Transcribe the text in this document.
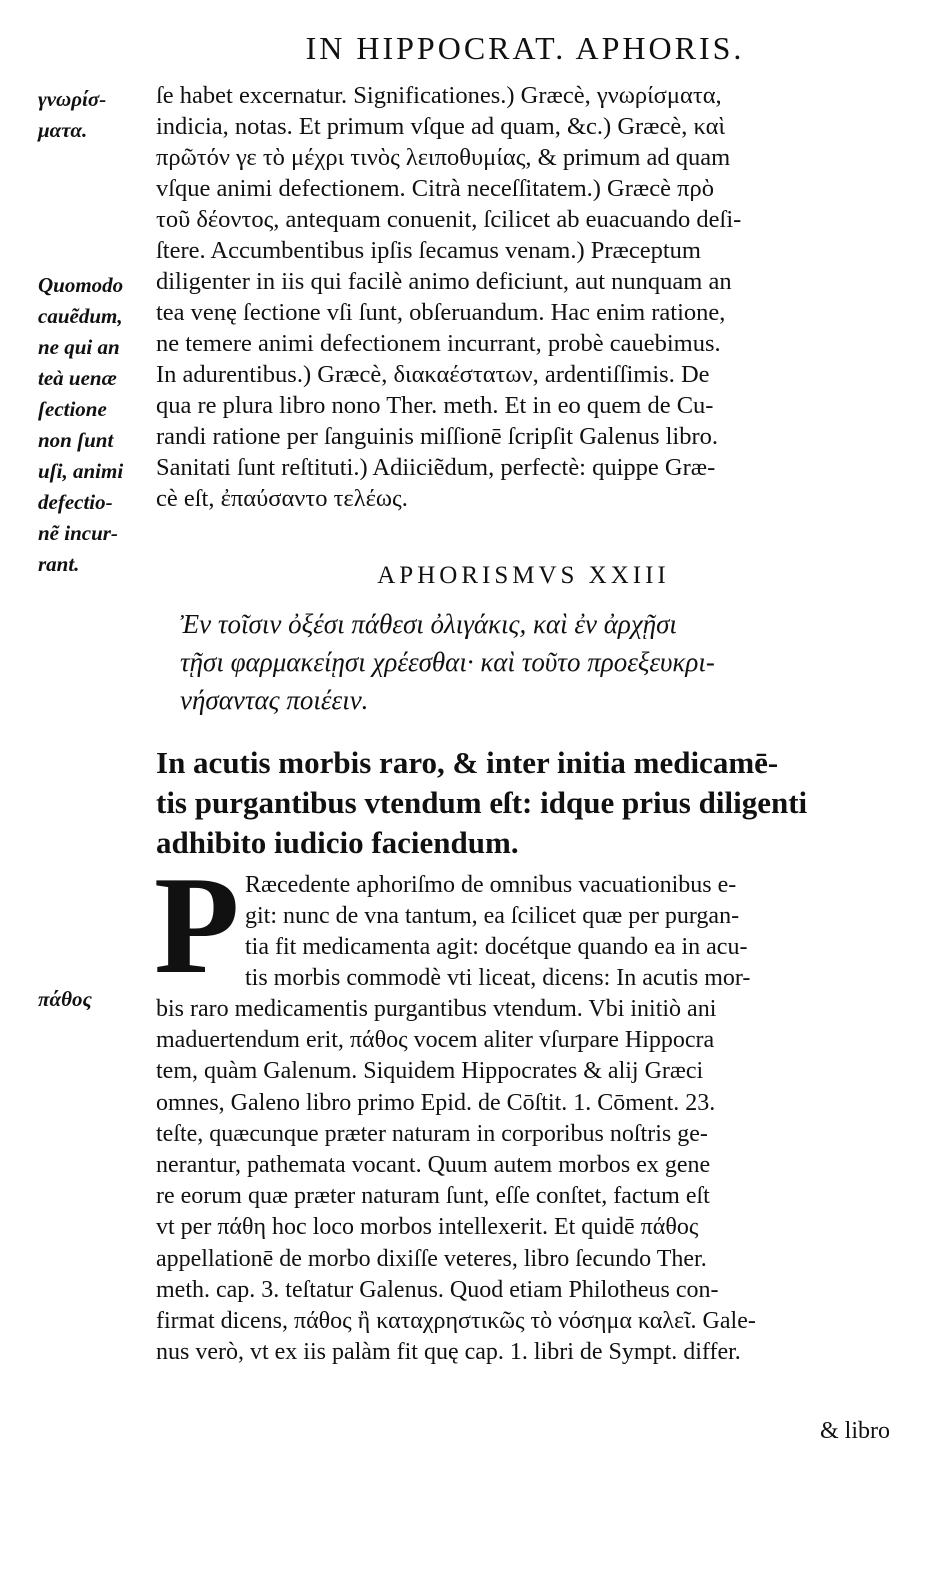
IN HIPPOCRAT. APHORIS.
γνωρίσ-
ματα.
Quomodo
cauẽdum,
ne qui an
teà uenæ
ſectione
non ſunt
uſi, animi
defectio-
nẽ incur-
rant.
πάθος

ſe habet excernatur. Significationes.) Græcè, γνωρίσματα,

indicia, notas. Et primum vſque ad quam, &c.) Græcè, καὶ

πρῶτόν γε τὸ μέχρι τινὸς λειποθυμίας, & primum ad quam

vſque animi defectionem. Citrà neceſſitatem.) Græcè πρὸ

τοῦ δέοντος, antequam conuenit, ſcilicet ab euacuando deſi-

ſtere. Accumbentibus ipſis ſecamus venam.) Præceptum

diligenter in iis qui facilè animo deficiunt, aut nunquam an

tea venę ſectione vſi ſunt, obſeruandum. Hac enim ratione,

ne temere animi defectionem incurrant, probè cauebimus.

In adurentibus.) Græcè, διακαέστατων, ardentiſſimis. De

qua re plura libro nono Ther. meth. Et in eo quem de Cu-

randi ratione per ſanguinis miſſionē ſcripſit Galenus libro.

Sanitati ſunt reſtituti.) Adiiciẽdum, perfectè: quippe Græ-

cè eſt, ἐπαύσαντο τελέως.

APHORISMVS XXIII
Ἐν τοῖσιν ὀξέσι πάθεσι ὀλιγάκις, καὶ ἐν ἀρχῇσι
τῇσι φαρμακείῃσι χρέεσθαι· καὶ τοῦτο προεξευκρι-
νήσαντας ποιέειν.
In acutis morbis raro, & inter initia medicamē-
tis purgantibus vtendum eſt: idque prius diligenti
adhibito iudicio faciendum.
P Ræcedente aphoriſmo de omnibus vacuationibus e-
git: nunc de vna tantum, ea ſcilicet quæ per purgan-
tia fit medicamenta agit: docétque quando ea in acu-
tis morbis commodè vti liceat, dicens: In acutis mor-
bis raro medicamentis purgantibus vtendum. Vbi initiò ani
maduertendum erit, πάθος vocem aliter vſurpare Hippocra
tem, quàm Galenum. Siquidem Hippocrates & alij Græci
omnes, Galeno libro primo Epid. de Cōſtit. 1. Cōment. 23.
teſte, quæcunque præter naturam in corporibus noſtris ge-
nerantur, pathemata vocant. Quum autem morbos ex gene
re eorum quæ præter naturam ſunt, eſſe conſtet, factum eſt
vt per πάθη hoc loco morbos intellexerit. Et quidē πάθος
appellationē de morbo dixiſſe veteres, libro ſecundo Ther.
meth. cap. 3. teſtatur Galenus. Quod etiam Philotheus con-
firmat dicens, πάθος ἢ καταχρηστικῶς τὸ νόσημα καλεῖ. Gale-
nus verò, vt ex iis palàm fit quę cap. 1. libri de Sympt. differ.
& libro
